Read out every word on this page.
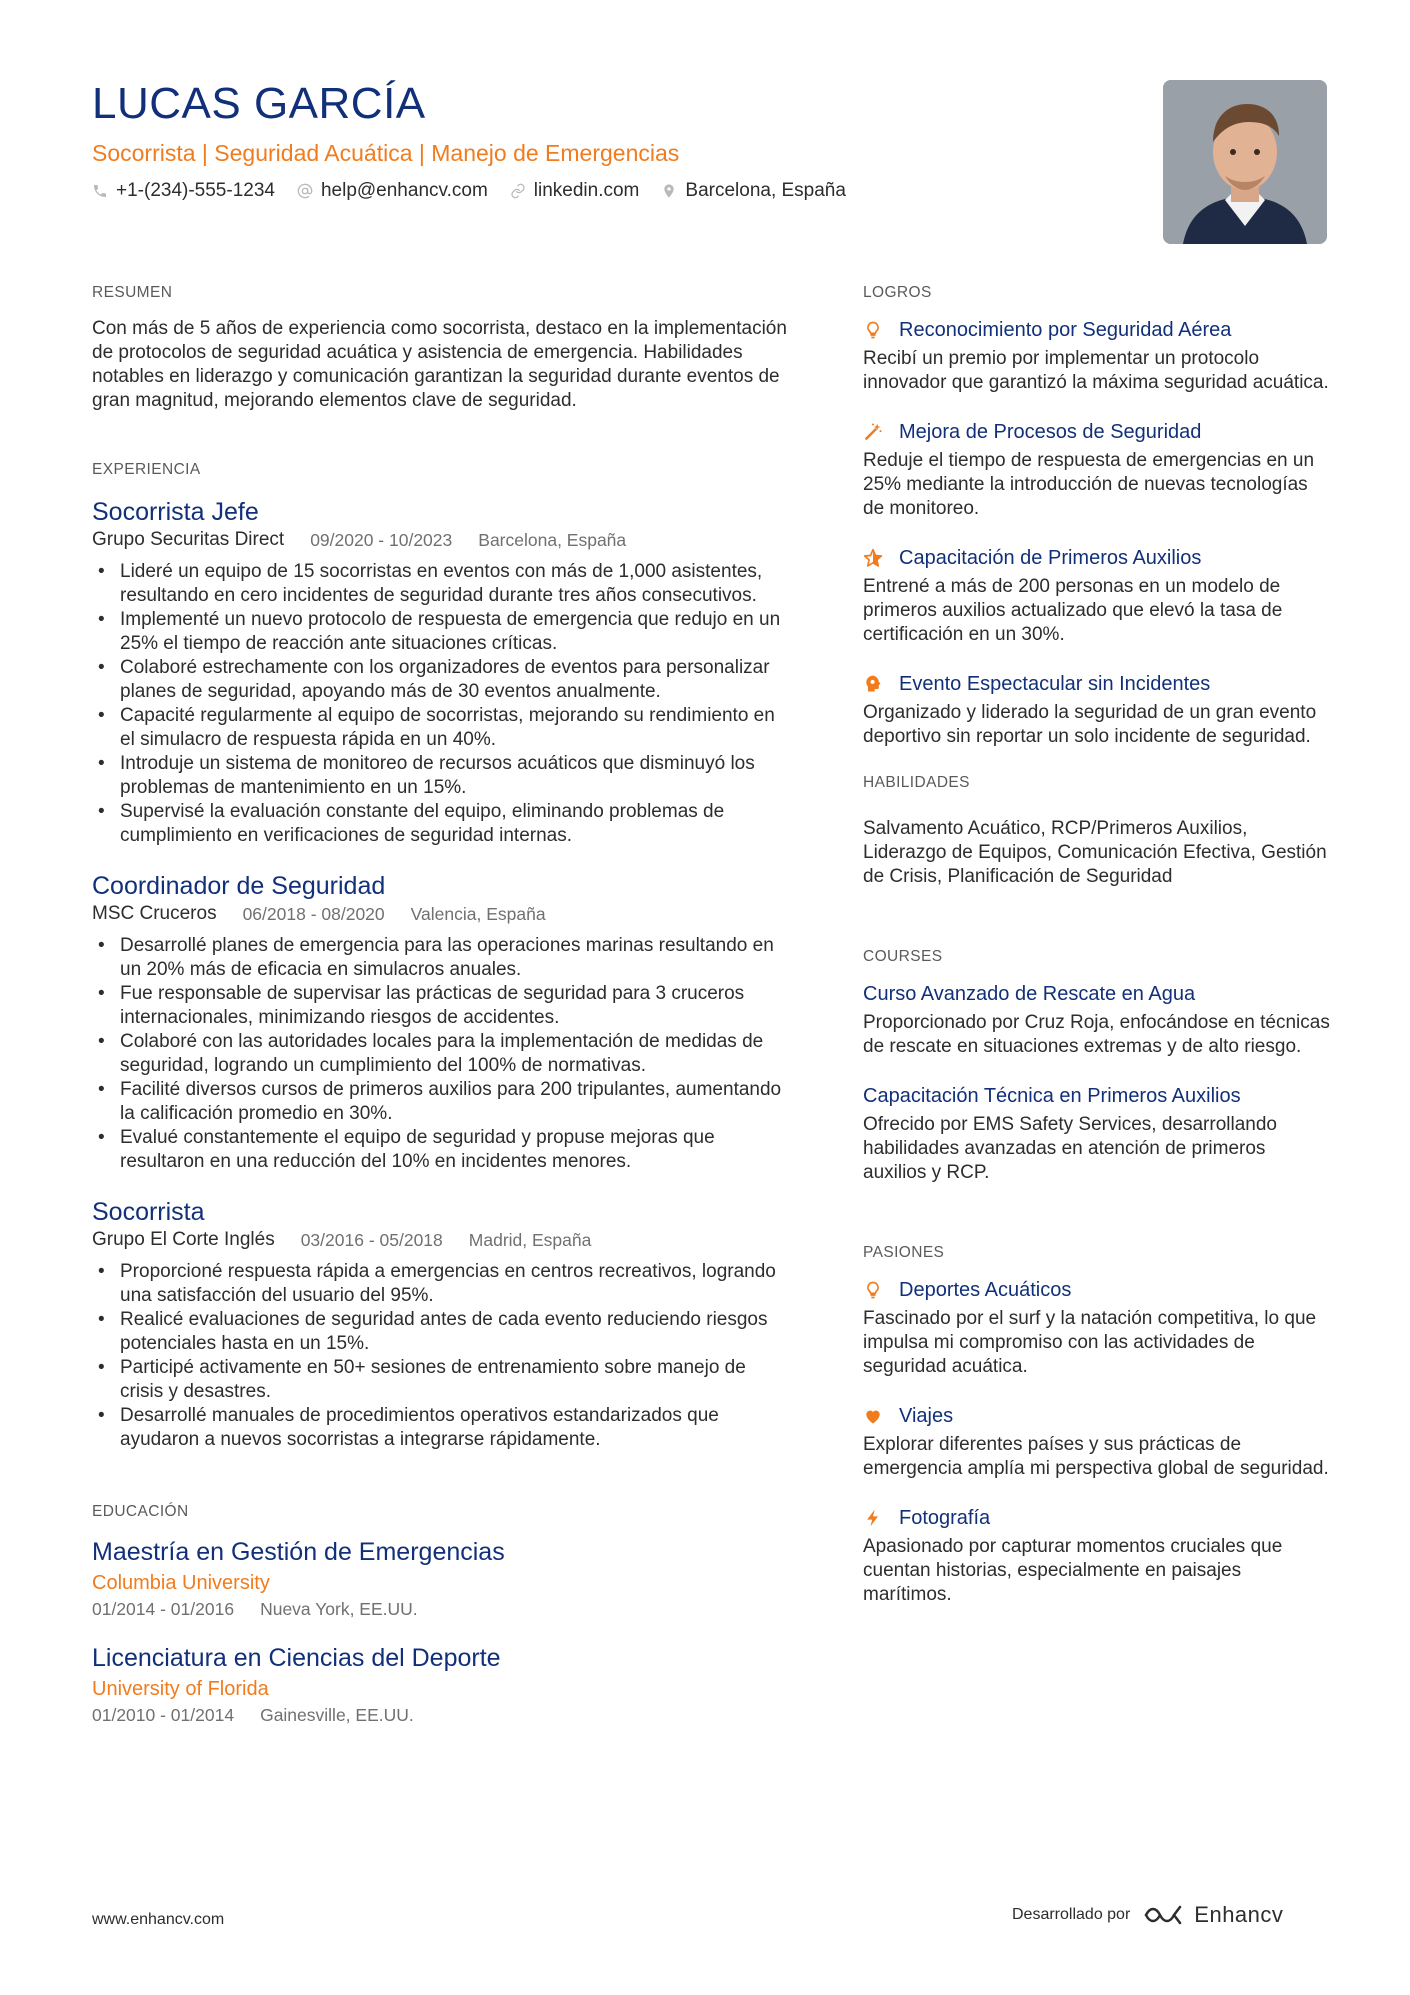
LUCAS GARCÍA
Socorrista | Seguridad Acuática | Manejo de Emergencias
+1-(234)-555-1234 help@enhancv.com linkedin.com Barcelona, España
RESUMEN
Con más de 5 años de experiencia como socorrista, destaco en la implementación de protocolos de seguridad acuática y asistencia de emergencia. Habilidades notables en liderazgo y comunicación garantizan la seguridad durante eventos de gran magnitud, mejorando elementos clave de seguridad.
EXPERIENCIA
Socorrista Jefe
Grupo Securitas Direct 09/2020 - 10/2023 Barcelona, España
• Lideré un equipo de 15 socorristas en eventos con más de 1,000 asistentes, resultando en cero incidentes de seguridad durante tres años consecutivos.
• Implementé un nuevo protocolo de respuesta de emergencia que redujo en un 25% el tiempo de reacción ante situaciones críticas.
• Colaboré estrechamente con los organizadores de eventos para personalizar planes de seguridad, apoyando más de 30 eventos anualmente.
• Capacité regularmente al equipo de socorristas, mejorando su rendimiento en el simulacro de respuesta rápida en un 40%.
• Introduje un sistema de monitoreo de recursos acuáticos que disminuyó los problemas de mantenimiento en un 15%.
• Supervisé la evaluación constante del equipo, eliminando problemas de cumplimiento en verificaciones de seguridad internas.
Coordinador de Seguridad
MSC Cruceros 06/2018 - 08/2020 Valencia, España
• Desarrollé planes de emergencia para las operaciones marinas resultando en un 20% más de eficacia en simulacros anuales.
• Fue responsable de supervisar las prácticas de seguridad para 3 cruceros internacionales, minimizando riesgos de accidentes.
• Colaboré con las autoridades locales para la implementación de medidas de seguridad, logrando un cumplimiento del 100% de normativas.
• Facilité diversos cursos de primeros auxilios para 200 tripulantes, aumentando la calificación promedio en 30%.
• Evalué constantemente el equipo de seguridad y propuse mejoras que resultaron en una reducción del 10% en incidentes menores.
Socorrista
Grupo El Corte Inglés 03/2016 - 05/2018 Madrid, España
• Proporcioné respuesta rápida a emergencias en centros recreativos, logrando una satisfacción del usuario del 95%.
• Realicé evaluaciones de seguridad antes de cada evento reduciendo riesgos potenciales hasta en un 15%.
• Participé activamente en 50+ sesiones de entrenamiento sobre manejo de crisis y desastres.
• Desarrollé manuales de procedimientos operativos estandarizados que ayudaron a nuevos socorristas a integrarse rápidamente.
EDUCACIÓN
Maestría en Gestión de Emergencias
Columbia University
01/2014 - 01/2016 Nueva York, EE.UU.
Licenciatura en Ciencias del Deporte
University of Florida
01/2010 - 01/2014 Gainesville, EE.UU.
LOGROS
Reconocimiento por Seguridad Aérea
Recibí un premio por implementar un protocolo innovador que garantizó la máxima seguridad acuática.
Mejora de Procesos de Seguridad
Reduje el tiempo de respuesta de emergencias en un 25% mediante la introducción de nuevas tecnologías de monitoreo.
Capacitación de Primeros Auxilios
Entrené a más de 200 personas en un modelo de primeros auxilios actualizado que elevó la tasa de certificación en un 30%.
Evento Espectacular sin Incidentes
Organizado y liderado la seguridad de un gran evento deportivo sin reportar un solo incidente de seguridad.
HABILIDADES
Salvamento Acuático, RCP/Primeros Auxilios, Liderazgo de Equipos, Comunicación Efectiva, Gestión de Crisis, Planificación de Seguridad
COURSES
Curso Avanzado de Rescate en Agua
Proporcionado por Cruz Roja, enfocándose en técnicas de rescate en situaciones extremas y de alto riesgo.
Capacitación Técnica en Primeros Auxilios
Ofrecido por EMS Safety Services, desarrollando habilidades avanzadas en atención de primeros auxilios y RCP.
PASIONES
Deportes Acuáticos
Fascinado por el surf y la natación competitiva, lo que impulsa mi compromiso con las actividades de seguridad acuática.
Viajes
Explorar diferentes países y sus prácticas de emergencia amplía mi perspectiva global de seguridad.
Fotografía
Apasionado por capturar momentos cruciales que cuentan historias, especialmente en paisajes marítimos.
www.enhancv.com	Desarrollado por	Enhancv
